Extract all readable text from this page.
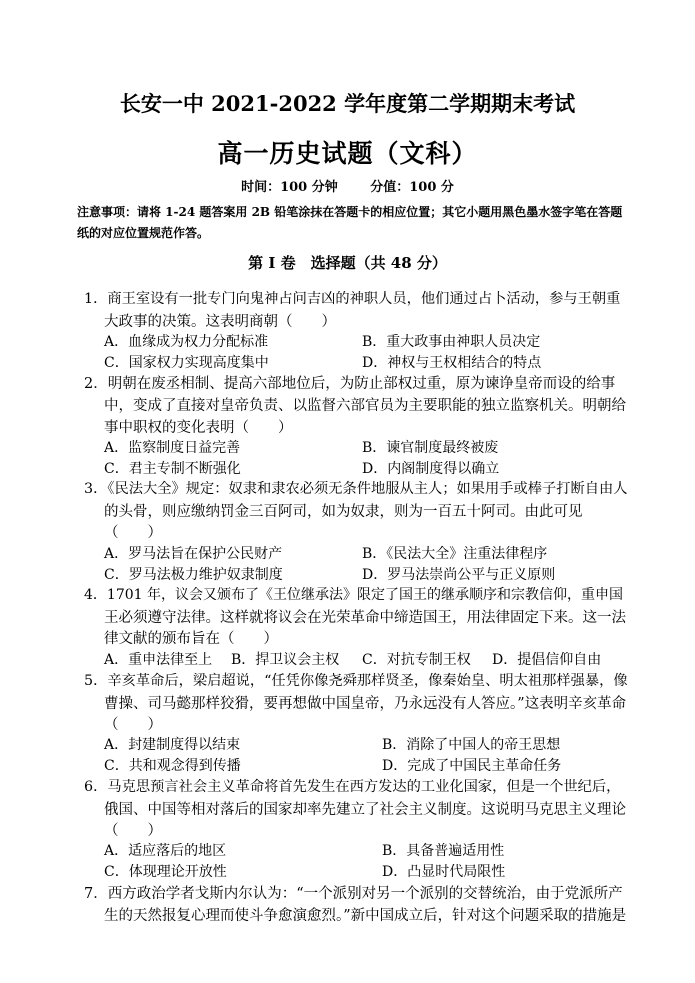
长安一中 2021-2022 学年度第二学期期末考试
高一历史试题（文科）
时间：100 分钟	分值：100 分
注意事项：请将 1-24 题答案用 2B 铅笔涂抹在答题卡的相应位置；其它小题用黑色墨水签字笔在答题纸的对应位置规范作答。
第 I 卷　选择题（共 48 分）
1．商王室设有一批专门向鬼神占问吉凶的神职人员，他们通过占卜活动，参与王朝重
大政事的决策。这表明商朝（　　）
A．血缘成为权力分配标准	B．重大政事由神职人员决定
C．国家权力实现高度集中	D．神权与王权相结合的特点
2．明朝在废丞相制、提高六部地位后，为防止部权过重，原为谏诤皇帝而设的给事
中，变成了直接对皇帝负责、以监督六部官员为主要职能的独立监察机关。明朝给
事中职权的变化表明（　　）
A．监察制度日益完善	B．谏官制度最终被废
C．君主专制不断强化	D．内阁制度得以确立
3．《民法大全》规定：奴隶和隶农必须无条件地服从主人；如果用手或棒子打断自由人
的头骨，则应缴纳罚金三百阿司，如为奴隶，则为一百五十阿司。由此可见
（　　）
A．罗马法旨在保护公民财产	B．《民法大全》注重法律程序
C．罗马法极力维护奴隶制度	D．罗马法崇尚公平与正义原则
4．1701 年，议会又颁布了《王位继承法》限定了国王的继承顺序和宗教信仰，重申国
王必须遵守法律。这样就将议会在光荣革命中缔造国王，用法律固定下来。这一法
律文献的颁布旨在（　　）
A．重申法律至上 B．捍卫议会主权 C．对抗专制王权 D．提倡信仰自由
5．辛亥革命后，梁启超说，“任凭你像尧舜那样贤圣，像秦始皇、明太祖那样强暴，像
曹操、司马懿那样狡猾，要再想做中国皇帝，乃永远没有人答应。”这表明辛亥革命
（　　）
A．封建制度得以结束	B．消除了中国人的帝王思想
C．共和观念得到传播	D．完成了中国民主革命任务
6．马克思预言社会主义革命将首先发生在西方发达的工业化国家，但是一个世纪后，
俄国、中国等相对落后的国家却率先建立了社会主义制度。这说明马克思主义理论
（　　）
A．适应落后的地区	B．具备普遍适用性
C．体现理论开放性	D．凸显时代局限性
7．西方政治学者戈斯内尔认为：“一个派别对另一个派别的交替统治，由于党派所产
生的天然报复心理而使斗争愈演愈烈。”新中国成立后，针对这个问题采取的措施是
